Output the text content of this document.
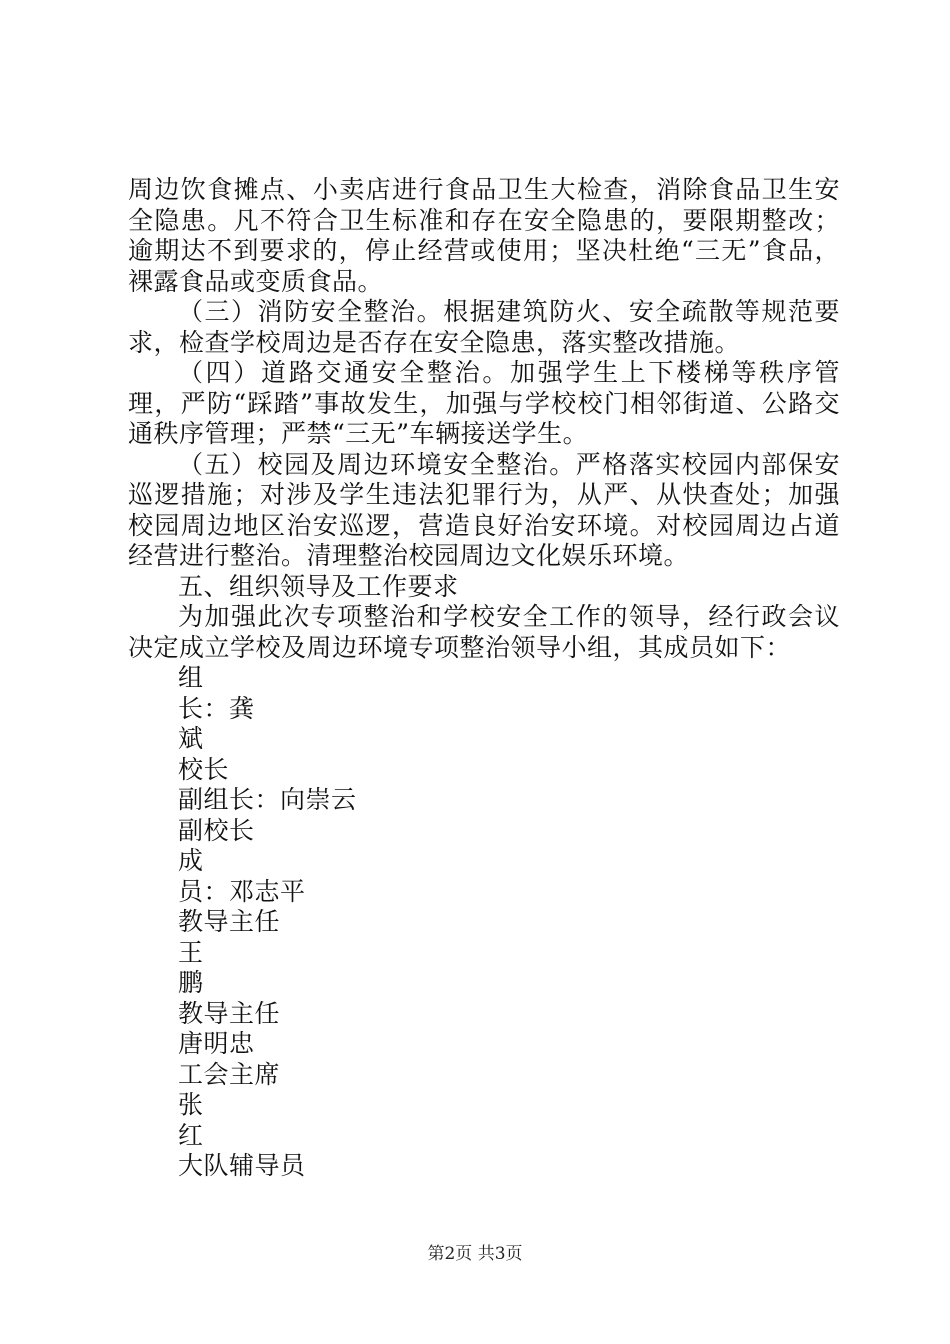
周边饮食摊点、小卖店进行食品卫生大检查，消除食品卫生安全隐患。凡不符合卫生标准和存在安全隐患的，要限期整改；逾期达不到要求的，停止经营或使用；坚决杜绝“三无”食品，裸露食品或变质食品。

（三）消防安全整治。根据建筑防火、安全疏散等规范要求，检查学校周边是否存在安全隐患，落实整改措施。

（四）道路交通安全整治。加强学生上下楼梯等秩序管理，严防“踩踏”事故发生，加强与学校校门相邻街道、公路交通秩序管理；严禁“三无”车辆接送学生。

（五）校园及周边环境安全整治。严格落实校园内部保安巡逻措施；对涉及学生违法犯罪行为，从严、从快查处；加强校园周边地区治安巡逻，营造良好治安环境。对校园周边占道经营进行整治。清理整治校园周边文化娱乐环境。

五、组织领导及工作要求

为加强此次专项整治和学校安全工作的领导，经行政会议决定成立学校及周边环境专项整治领导小组，其成员如下：

组
长：龚
斌
校长
副组长：向崇云
副校长
成
员：邓志平
教导主任
王
鹏
教导主任
唐明忠
工会主席
张
红
大队辅导员
第2页 共3页
